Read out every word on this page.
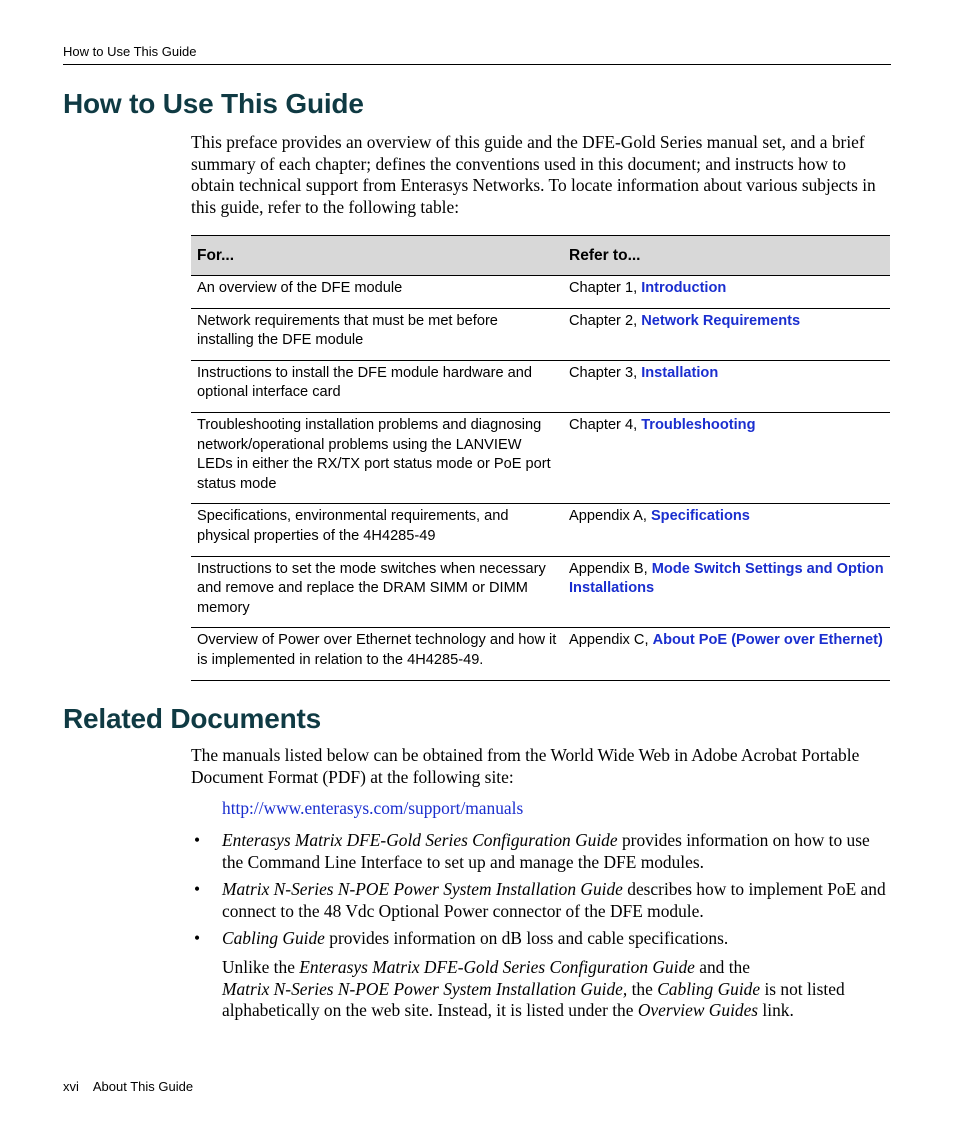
How to Use This Guide
How to Use This Guide
This preface provides an overview of this guide and the DFE-Gold Series manual set, and a brief summary of each chapter; defines the conventions used in this document; and instructs how to obtain technical support from Enterasys Networks. To locate information about various subjects in this guide, refer to the following table:
For...	Refer to...
An overview of the DFE module	Chapter 1, Introduction
Network requirements that must be met before installing the DFE module	Chapter 2, Network Requirements
Instructions to install the DFE module hardware and optional interface card	Chapter 3, Installation
Troubleshooting installation problems and diagnosing network/operational problems using the LANVIEW LEDs in either the RX/TX port status mode or PoE port status mode	Chapter 4, Troubleshooting
Specifications, environmental requirements, and physical properties of the 4H4285-49	Appendix A, Specifications
Instructions to set the mode switches when necessary and remove and replace the DRAM SIMM or DIMM memory	Appendix B, Mode Switch Settings and Option Installations
Overview of Power over Ethernet technology and how it is implemented in relation to the 4H4285-49.	Appendix C, About PoE (Power over Ethernet)
Related Documents
The manuals listed below can be obtained from the World Wide Web in Adobe Acrobat Portable Document Format (PDF) at the following site:
http://www.enterasys.com/support/manuals
• Enterasys Matrix DFE-Gold Series Configuration Guide provides information on how to use the Command Line Interface to set up and manage the DFE modules.
• Matrix N-Series N-POE Power System Installation Guide describes how to implement PoE and connect to the 48 Vdc Optional Power connector of the DFE module.
• Cabling Guide provides information on dB loss and cable specifications.
Unlike the Enterasys Matrix DFE-Gold Series Configuration Guide and the
Matrix N-Series N-POE Power System Installation Guide, the Cabling Guide is not listed alphabetically on the web site. Instead, it is listed under the Overview Guides link.
xvi About This Guide
